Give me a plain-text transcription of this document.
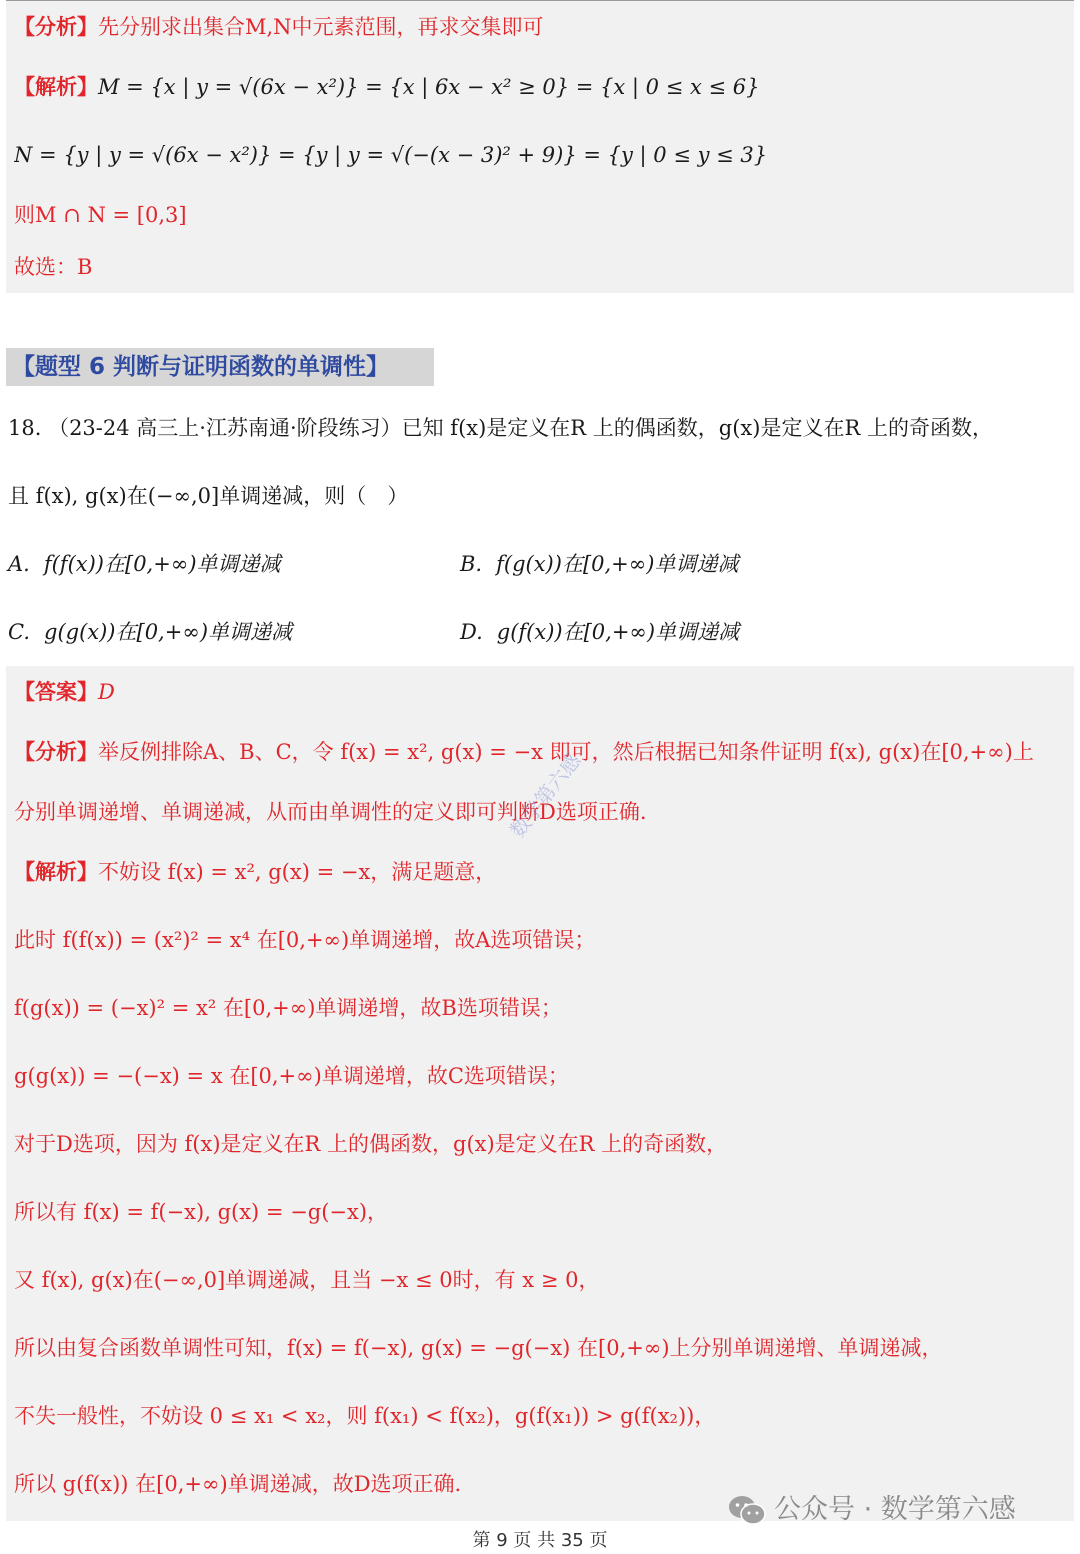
【分析】先分别求出集合M,N中元素范围，再求交集即可
【解析】M = {x | y = √(6x − x²)} = {x | 6x − x² ≥ 0} = {x | 0 ≤ x ≤ 6}
N = {y | y = √(6x − x²)} = {y | y = √(−(x − 3)² + 9)} = {y | 0 ≤ y ≤ 3}
则M ∩ N = [0,3]
故选：B
【题型 6 判断与证明函数的单调性】
18. （23-24 高三上·江苏南通·阶段练习）已知 f(x)是定义在R 上的偶函数，g(x)是定义在R 上的奇函数，
且 f(x), g(x)在(−∞,0]单调递减，则（　）
A. f(f(x))在[0,+∞)单调递减	B. f(g(x))在[0,+∞)单调递减
C. g(g(x))在[0,+∞)单调递减	D. g(f(x))在[0,+∞)单调递减
【答案】D
【分析】举反例排除A、B、C，令 f(x) = x², g(x) = −x 即可，然后根据已知条件证明 f(x), g(x)在[0,+∞)上
分别单调递增、单调递减，从而由单调性的定义即可判断D选项正确.
【解析】不妨设 f(x) = x², g(x) = −x，满足题意，
此时 f(f(x)) = (x²)² = x⁴ 在[0,+∞)单调递增，故A选项错误；
f(g(x)) = (−x)² = x² 在[0,+∞)单调递增，故B选项错误；
g(g(x)) = −(−x) = x 在[0,+∞)单调递增，故C选项错误；
对于D选项，因为 f(x)是定义在R 上的偶函数，g(x)是定义在R 上的奇函数，
所以有 f(x) = f(−x), g(x) = −g(−x)，
又 f(x), g(x)在(−∞,0]单调递减，且当 −x ≤ 0时，有 x ≥ 0，
所以由复合函数单调性可知，f(x) = f(−x), g(x) = −g(−x) 在[0,+∞)上分别单调递增、单调递减，
不失一般性，不妨设 0 ≤ x₁ < x₂，则 f(x₁) < f(x₂)，g(f(x₁)) > g(f(x₂))，
所以 g(f(x)) 在[0,+∞)单调递减，故D选项正确.
数学第六感
公众号 · 数学第六感
第 9 页 共 35 页
